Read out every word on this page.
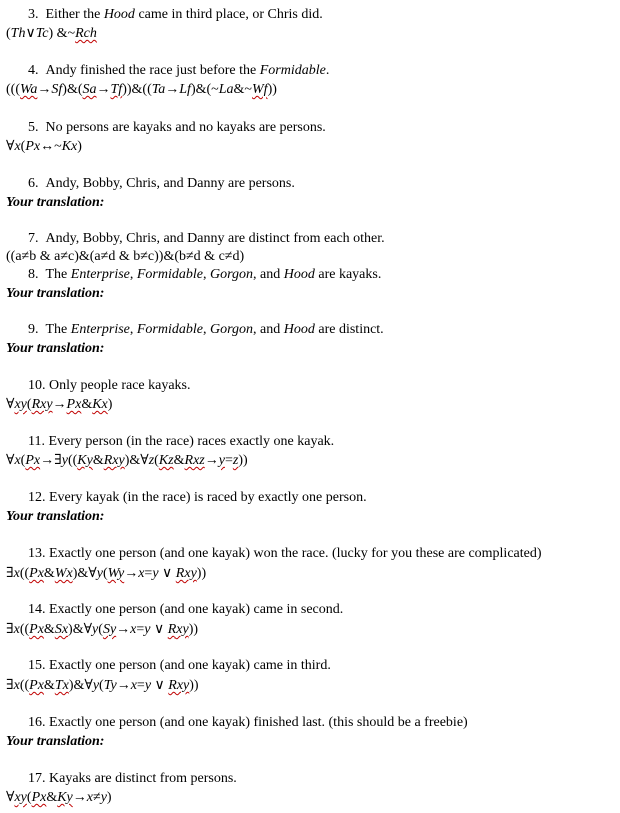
3. Either the Hood came in third place, or Chris did.
(Th∨Tc) &~Rch
4. Andy finished the race just before the Formidable.
(((Wa→Sf)&(Sa→Tf))&((Ta→Lf)&(~La&~Wf))
5. No persons are kayaks and no kayaks are persons.
∀x(Px↔~Kx)
6. Andy, Bobby, Chris, and Danny are persons.
Your translation:
7. Andy, Bobby, Chris, and Danny are distinct from each other.
((a≠b & a≠c)&(a≠d & b≠c))&(b≠d & c≠d)
8. The Enterprise, Formidable, Gorgon, and Hood are kayaks.
Your translation:
9. The Enterprise, Formidable, Gorgon, and Hood are distinct.
Your translation:
10. Only people race kayaks.
∀xy(Rxy→Px&Kx)
11. Every person (in the race) races exactly one kayak.
∀x(Px→∃y((Ky&Rxy)&∀z(Kz&Rxz→y=z))
12. Every kayak (in the race) is raced by exactly one person.
Your translation:
13. Exactly one person (and one kayak) won the race. (lucky for you these are complicated)
∃x((Px&Wx)&∀y(Wy→x=y ∨ Rxy))
14. Exactly one person (and one kayak) came in second.
∃x((Px&Sx)&∀y(Sy→x=y ∨ Rxy))
15. Exactly one person (and one kayak) came in third.
∃x((Px&Tx)&∀y(Ty→x=y ∨ Rxy))
16. Exactly one person (and one kayak) finished last. (this should be a freebie)
Your translation:
17. Kayaks are distinct from persons.
∀xy(Px&Ky→x≠y)
